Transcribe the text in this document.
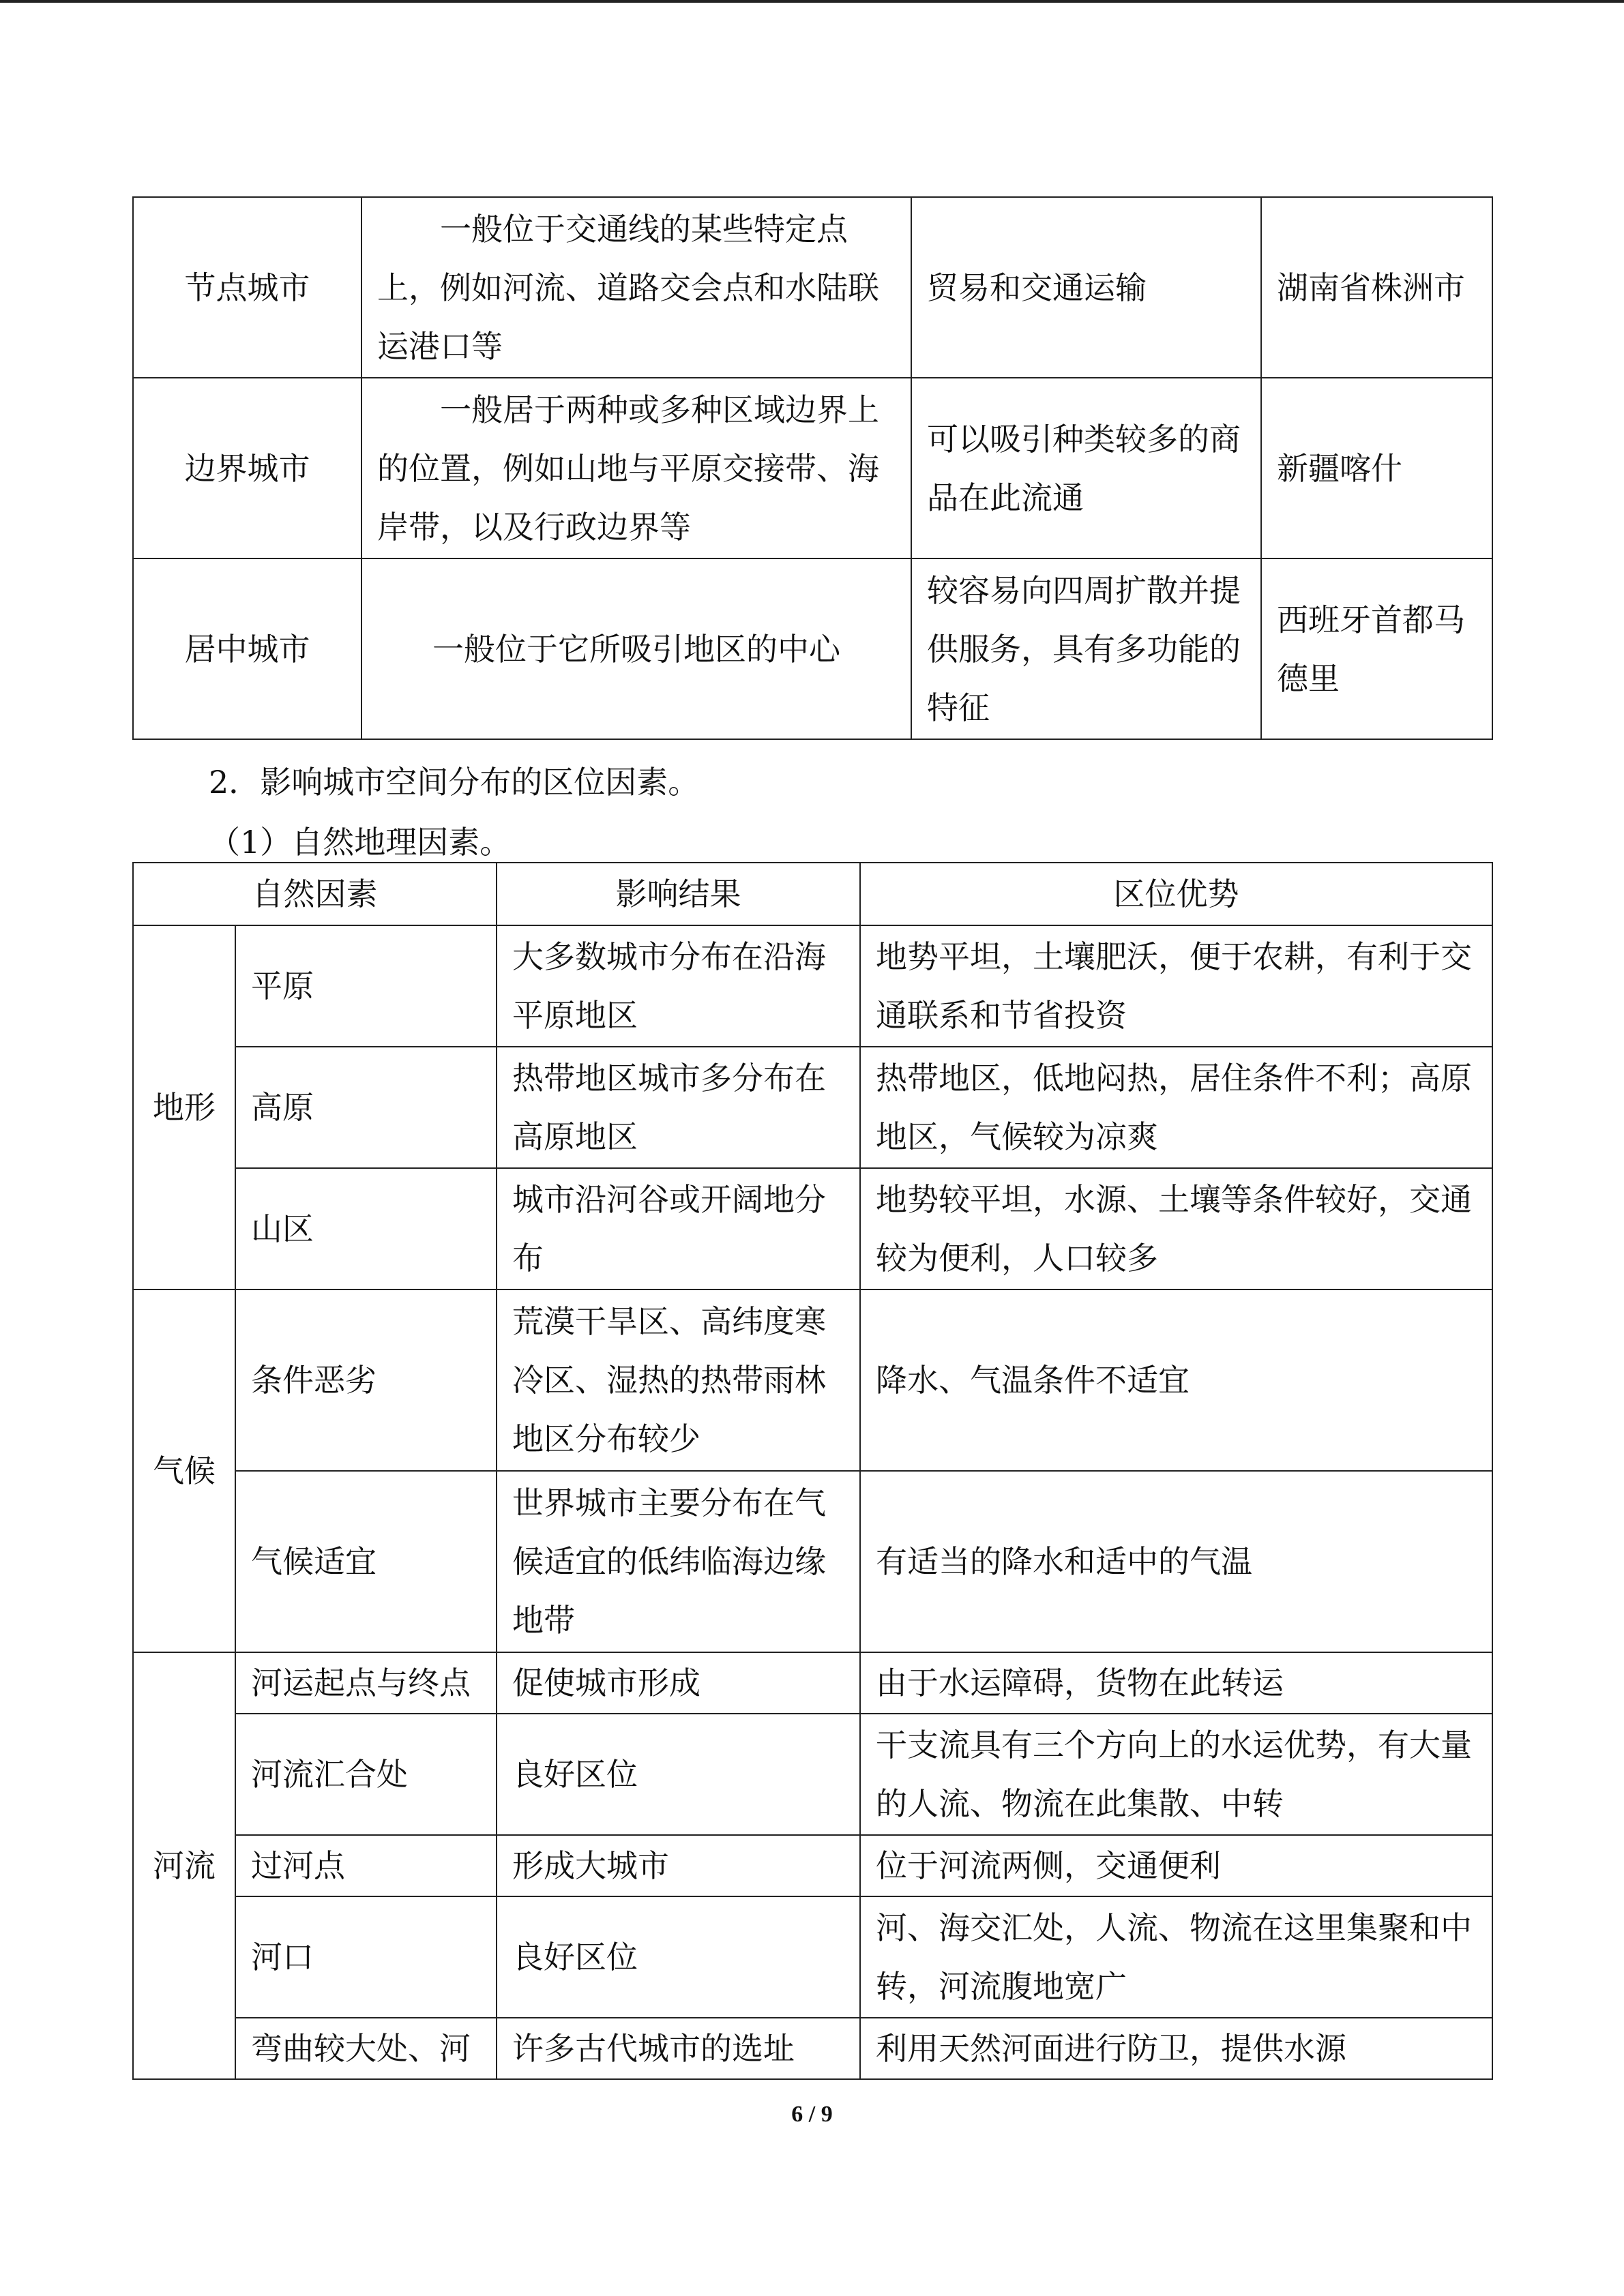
节点城市	一般位于交通线的某些特定点上，例如河流、道路交会点和水陆联运港口等	贸易和交通运输	湖南省株洲市
边界城市	一般居于两种或多种区域边界上的位置，例如山地与平原交接带、海岸带，以及行政边界等	可以吸引种类较多的商品在此流通	新疆喀什
居中城市	一般位于它所吸引地区的中心	较容易向四周扩散并提供服务，具有多功能的特征	西班牙首都马德里
2．影响城市空间分布的区位因素。
（1）自然地理因素。
自然因素		影响结果	区位优势
地形	平原	大多数城市分布在沿海平原地区	地势平坦，土壤肥沃，便于农耕，有利于交通联系和节省投资
	高原	热带地区城市多分布在高原地区	热带地区，低地闷热，居住条件不利；高原地区，气候较为凉爽
	山区	城市沿河谷或开阔地分布	地势较平坦，水源、土壤等条件较好，交通较为便利，人口较多
气候	条件恶劣	荒漠干旱区、高纬度寒冷区、湿热的热带雨林地区分布较少	降水、气温条件不适宜
	气候适宜	世界城市主要分布在气候适宜的低纬临海边缘地带	有适当的降水和适中的气温
河流	河运起点与终点	促使城市形成	由于水运障碍，货物在此转运
	河流汇合处	良好区位	干支流具有三个方向上的水运优势，有大量的人流、物流在此集散、中转
	过河点	形成大城市	位于河流两侧，交通便利
	河口	良好区位	河、海交汇处，人流、物流在这里集聚和中转，河流腹地宽广
	弯曲较大处、河	许多古代城市的选址	利用天然河面进行防卫，提供水源
6 / 9
